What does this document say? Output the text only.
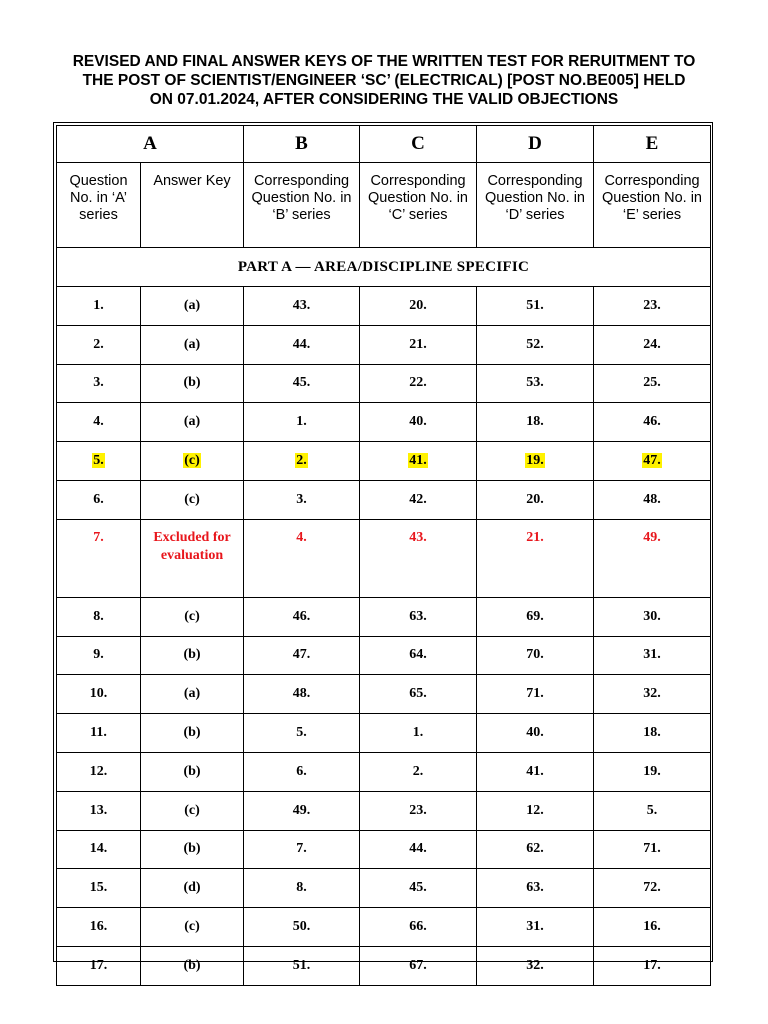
REVISED AND FINAL ANSWER KEYS OF THE WRITTEN TEST FOR RERUITMENT TO
THE POST OF SCIENTIST/ENGINEER ‘SC’ (ELECTRICAL) [POST NO.BE005] HELD
ON 07.01.2024, AFTER CONSIDERING THE VALID OBJECTIONS
A		B	C	D	E
Question No. in ‘A’ series	Answer Key	Corresponding Question No. in ‘B’ series	Corresponding Question No. in ‘C’ series	Corresponding Question No. in ‘D’ series	Corresponding Question No. in ‘E’ series
PART A — AREA/DISCIPLINE SPECIFIC					
1.	(a)	43.	20.	51.	23.
2.	(a)	44.	21.	52.	24.
3.	(b)	45.	22.	53.	25.
4.	(a)	1.	40.	18.	46.
5.	(c)	2.	41.	19.	47.
6.	(c)	3.	42.	20.	48.
7.	Excluded for evaluation	4.	43.	21.	49.
8.	(c)	46.	63.	69.	30.
9.	(b)	47.	64.	70.	31.
10.	(a)	48.	65.	71.	32.
11.	(b)	5.	1.	40.	18.
12.	(b)	6.	2.	41.	19.
13.	(c)	49.	23.	12.	5.
14.	(b)	7.	44.	62.	71.
15.	(d)	8.	45.	63.	72.
16.	(c)	50.	66.	31.	16.
17.	(b)	51.	67.	32.	17.
